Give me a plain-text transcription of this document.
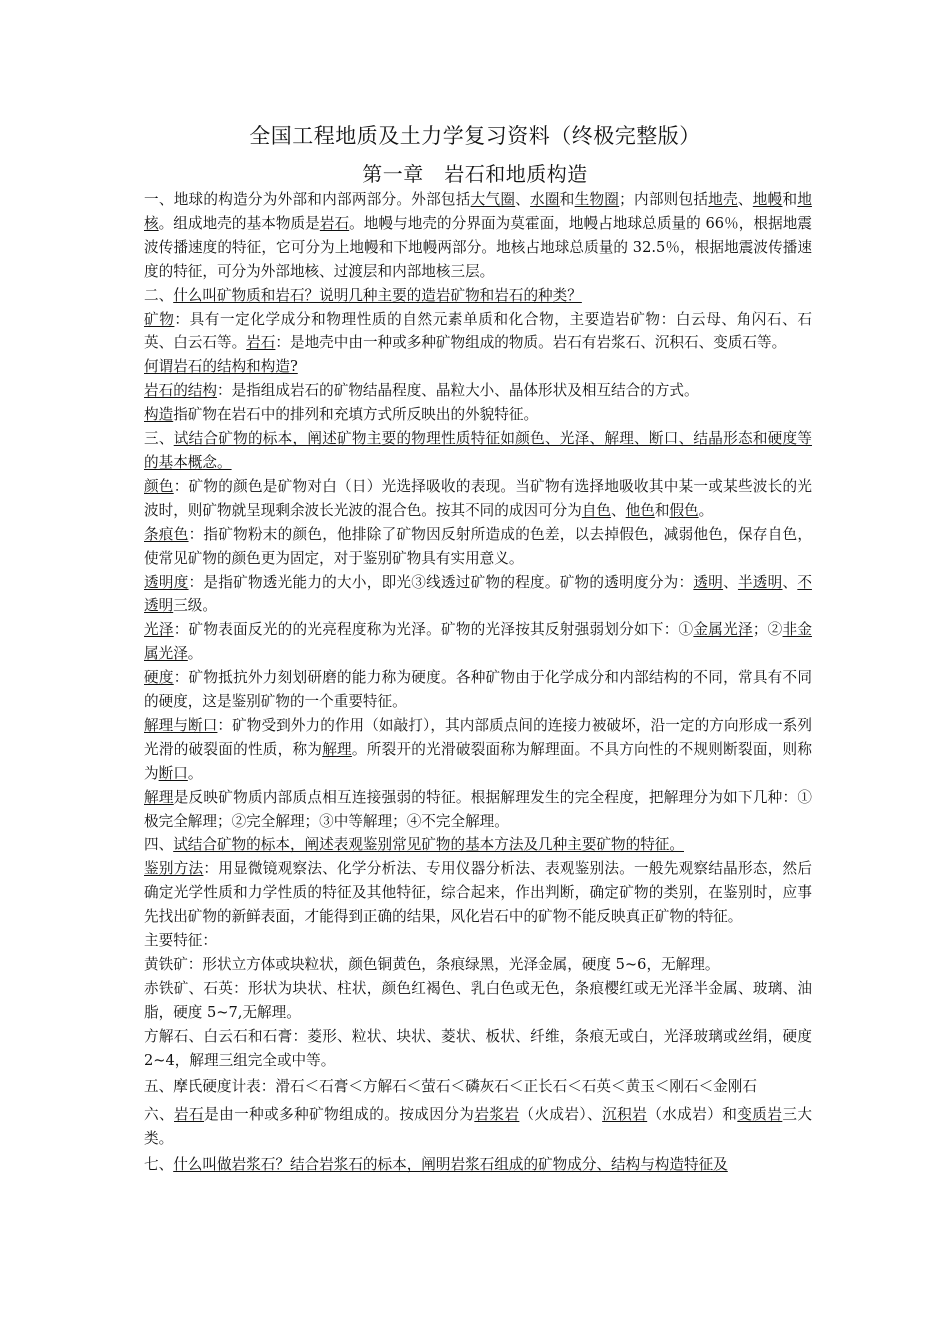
全国工程地质及土力学复习资料（终极完整版）
第一章　岩石和地质构造

一、地球的构造分为外部和内部两部分。外部包括大气圈、水圈和生物圈；内部则包括地壳、地幔和地核。组成地壳的基本物质是岩石。地幔与地壳的分界面为莫霍面，地幔占地球总质量的 66％，根据地震波传播速度的特征，它可分为上地幔和下地幔两部分。地核占地球总质量的 32.5％，根据地震波传播速度的特征，可分为外部地核、过渡层和内部地核三层。

二、什么叫矿物质和岩石？说明几种主要的造岩矿物和岩石的种类？

矿物：具有一定化学成分和物理性质的自然元素单质和化合物，主要造岩矿物：白云母、角闪石、石英、白云石等。岩石：是地壳中由一种或多种矿物组成的物质。岩石有岩浆石、沉积石、变质石等。

何谓岩石的结构和构造?

岩石的结构：是指组成岩石的矿物结晶程度、晶粒大小、晶体形状及相互结合的方式。

构造指矿物在岩石中的排列和充填方式所反映出的外貌特征。

三、试结合矿物的标本，阐述矿物主要的物理性质特征如颜色、光泽、解理、断口、结晶形态和硬度等的基本概念。

颜色：矿物的颜色是矿物对白（日）光选择吸收的表现。当矿物有选择地吸收其中某一或某些波长的光波时，则矿物就呈现剩余波长光波的混合色。按其不同的成因可分为自色、他色和假色。

条痕色：指矿物粉末的颜色，他排除了矿物因反射所造成的色差，以去掉假色，减弱他色，保存自色，使常见矿物的颜色更为固定，对于鉴别矿物具有实用意义。

透明度：是指矿物透光能力的大小，即光③线透过矿物的程度。矿物的透明度分为：透明、半透明、不透明三级。

光泽：矿物表面反光的的光亮程度称为光泽。矿物的光泽按其反射强弱划分如下：①金属光泽；②非金属光泽。

硬度：矿物抵抗外力刻划研磨的能力称为硬度。各种矿物由于化学成分和内部结构的不同，常具有不同的硬度，这是鉴别矿物的一个重要特征。

解理与断口：矿物受到外力的作用（如敲打），其内部质点间的连接力被破坏，沿一定的方向形成一系列光滑的破裂面的性质，称为解理。所裂开的光滑破裂面称为解理面。不具方向性的不规则断裂面，则称为断口。

解理是反映矿物质内部质点相互连接强弱的特征。根据解理发生的完全程度，把解理分为如下几种：①极完全解理；②完全解理；③中等解理；④不完全解理。

四、试结合矿物的标本，阐述表观鉴别常见矿物的基本方法及几种主要矿物的特征。

鉴别方法：用显微镜观察法、化学分析法、专用仪器分析法、表观鉴别法。一般先观察结晶形态，然后确定光学性质和力学性质的特征及其他特征，综合起来，作出判断，确定矿物的类别，在鉴别时，应事先找出矿物的新鲜表面，才能得到正确的结果，风化岩石中的矿物不能反映真正矿物的特征。

主要特征：

黄铁矿：形状立方体或块粒状，颜色铜黄色，条痕绿黑，光泽金属，硬度 5~6，无解理。

赤铁矿、石英：形状为块状、柱状，颜色红褐色、乳白色或无色，条痕樱红或无光泽半金属、玻璃、油脂，硬度 5~7,无解理。

方解石、白云石和石膏：菱形、粒状、块状、菱状、板状、纤维，条痕无或白，光泽玻璃或丝绢，硬度 2~4，解理三组完全或中等。

五、摩氏硬度计表：滑石＜石膏＜方解石＜萤石＜磷灰石＜正长石＜石英＜黄玉＜刚石＜金刚石

六、岩石是由一种或多种矿物组成的。按成因分为岩浆岩（火成岩）、沉积岩（水成岩）和变质岩三大类。

七、什么叫做岩浆石？结合岩浆石的标本，阐明岩浆石组成的矿物成分、结构与构造特征及
